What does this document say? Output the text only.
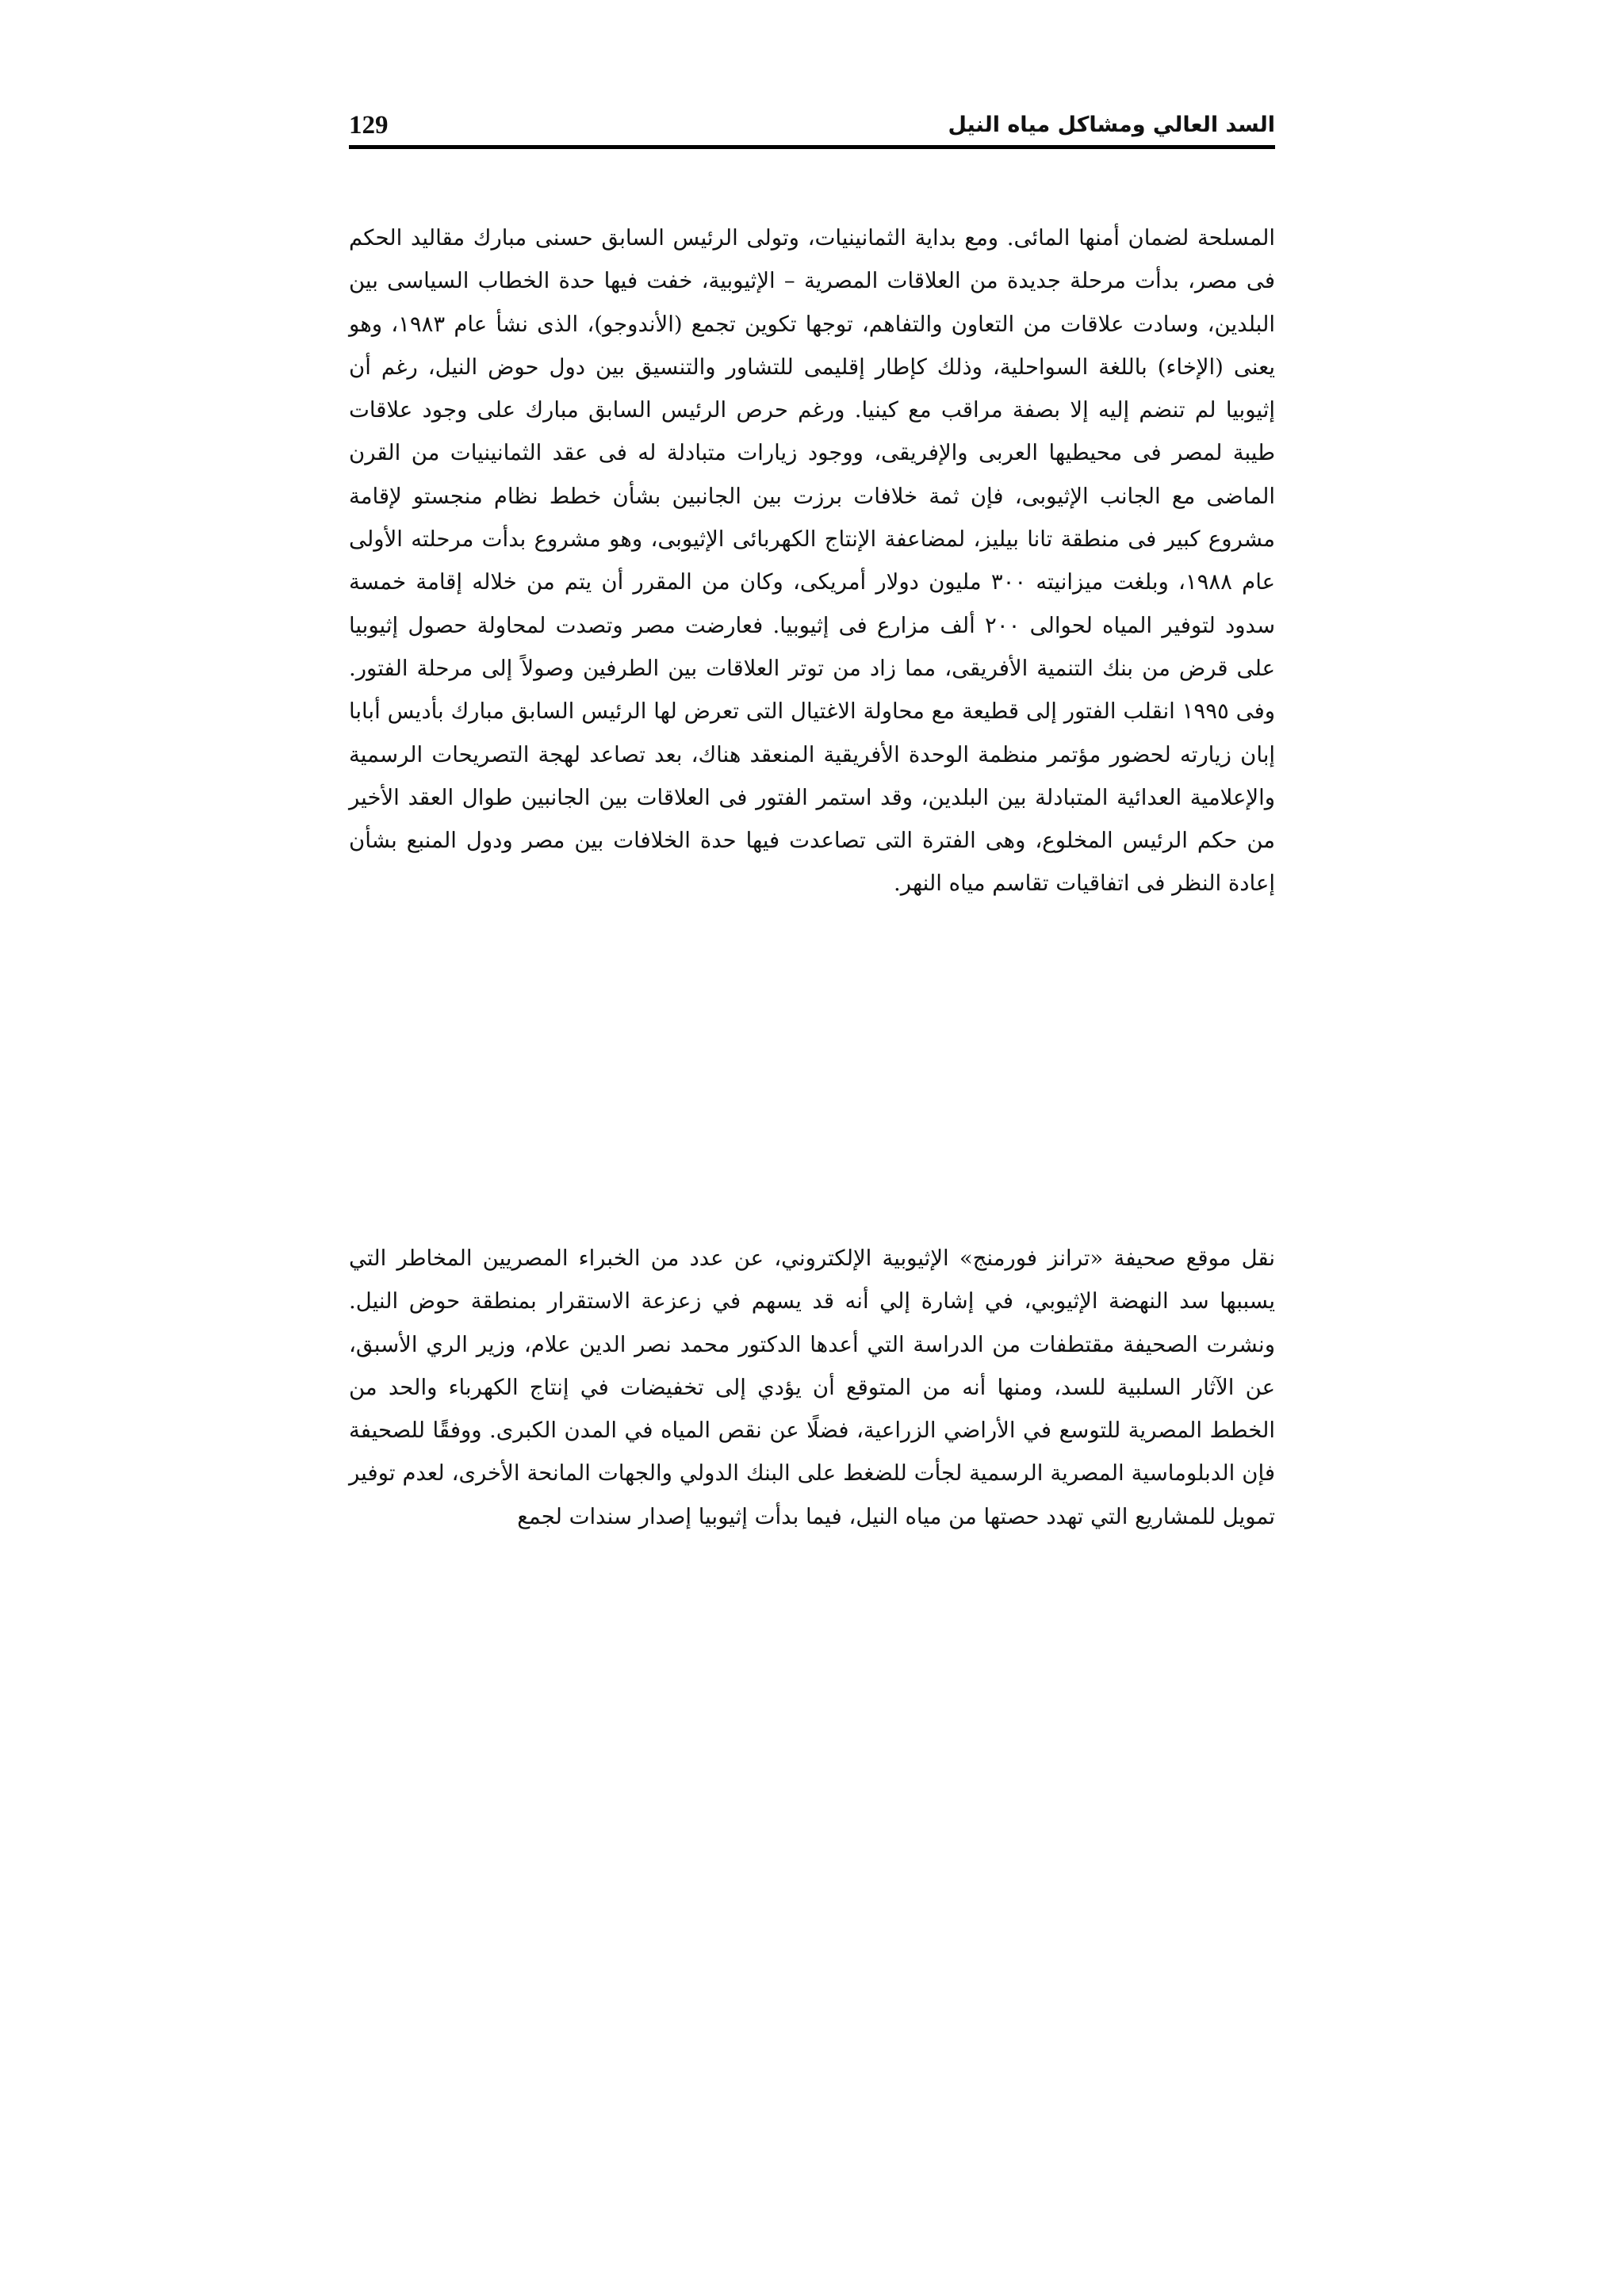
129	السد العالي ومشاكل مياه النيل

المسلحة لضمان أمنها المائى. ومع بداية الثمانينيات، وتولى الرئيس السابق حسنى مبارك مقاليد الحكم فى مصر، بدأت مرحلة جديدة من العلاقات المصرية – الإثيوبية، خفت فيها حدة الخطاب السياسى بين البلدين، وسادت علاقات من التعاون والتفاهم، توجها تكوين تجمع (الأندوجو)، الذى نشأ عام ١٩٨٣، وهو يعنى (الإخاء) باللغة السواحلية، وذلك كإطار إقليمى للتشاور والتنسيق بين دول حوض النيل، رغم أن إثيوبيا لم تنضم إليه إلا بصفة مراقب مع كينيا. ورغم حرص الرئيس السابق مبارك على وجود علاقات طيبة لمصر فى محيطيها العربى والإفريقى، ووجود زيارات متبادلة له فى عقد الثمانينيات من القرن الماضى مع الجانب الإثيوبى، فإن ثمة خلافات برزت بين الجانبين بشأن خطط نظام منجستو لإقامة مشروع كبير فى منطقة تانا بيليز، لمضاعفة الإنتاج الكهربائى الإثيوبى، وهو مشروع بدأت مرحلته الأولى عام ١٩٨٨، وبلغت ميزانيته ٣٠٠ مليون دولار أمريكى، وكان من المقرر أن يتم من خلاله إقامة خمسة سدود لتوفير المياه لحوالى ٢٠٠ ألف مزارع فى إثيوبيا. فعارضت مصر وتصدت لمحاولة حصول إثيوبيا على قرض من بنك التنمية الأفريقى، مما زاد من توتر العلاقات بين الطرفين وصولاً إلى مرحلة الفتور. وفى ١٩٩٥ انقلب الفتور إلى قطيعة مع محاولة الاغتيال التى تعرض لها الرئيس السابق مبارك بأديس أبابا إبان زيارته لحضور مؤتمر منظمة الوحدة الأفريقية المنعقد هناك، بعد تصاعد لهجة التصريحات الرسمية والإعلامية العدائية المتبادلة بين البلدين، وقد استمر الفتور فى العلاقات بين الجانبين طوال العقد الأخير من حكم الرئيس المخلوع، وهى الفترة التى تصاعدت فيها حدة الخلافات بين مصر ودول المنبع بشأن إعادة النظر فى اتفاقيات تقاسم مياه النهر.

نقل موقع صحيفة «ترانز فورمنج» الإثيوبية الإلكتروني، عن عدد من الخبراء المصريين المخاطر التي يسببها سد النهضة الإثيوبي، في إشارة إلي أنه قد يسهم في زعزعة الاستقرار بمنطقة حوض النيل. ونشرت الصحيفة مقتطفات من الدراسة التي أعدها الدكتور محمد نصر الدين علام، وزير الري الأسبق، عن الآثار السلبية للسد، ومنها أنه من المتوقع أن يؤدي إلى تخفيضات في إنتاج الكهرباء والحد من الخطط المصرية للتوسع في الأراضي الزراعية، فضلًا عن نقص المياه في المدن الكبرى. ووفقًا للصحيفة فإن الدبلوماسية المصرية الرسمية لجأت للضغط على البنك الدولي والجهات المانحة الأخرى، لعدم توفير تمويل للمشاريع التي تهدد حصتها من مياه النيل، فيما بدأت إثيوبيا إصدار سندات لجمع
